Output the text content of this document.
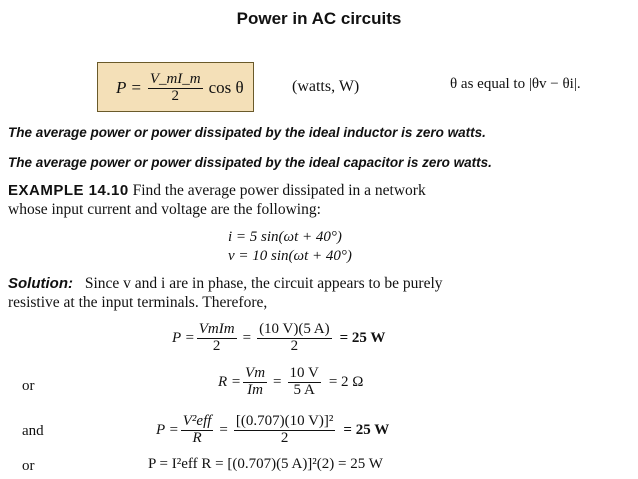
Power in AC circuits
$P = \frac{V\_mI\_m}{2}$ cos θ	(watts, W)	θ as equal to |θv − θi|.
The average power or power dissipated by the ideal inductor is zero watts.
The average power or power dissipated by the ideal capacitor is zero watts.
EXAMPLE 14.10 Find the average power dissipated in a network
whose input current and voltage are the following:
i = 5 sin(ωt + 40°)
v = 10 sin(ωt + 40°)
Solution: Since v and i are in phase, the circuit appears to be purely
resistive at the input terminals. Therefore,
$P = \frac{\text{VmIm}}{2} = \frac{(10 V)(5 A)}{2} = 25$ W
or	$R = \frac{Vm}{Im} = \frac{10 V}{5 A} = 2$ Ω
and	$P = \frac{\text{V²eff}}{R} = \frac{\text{[(0.707)(10 V)]²}}{2} = 25$ W
or	P = I²eff R = [(0.707)(5 A)]²(2) = 25 W
